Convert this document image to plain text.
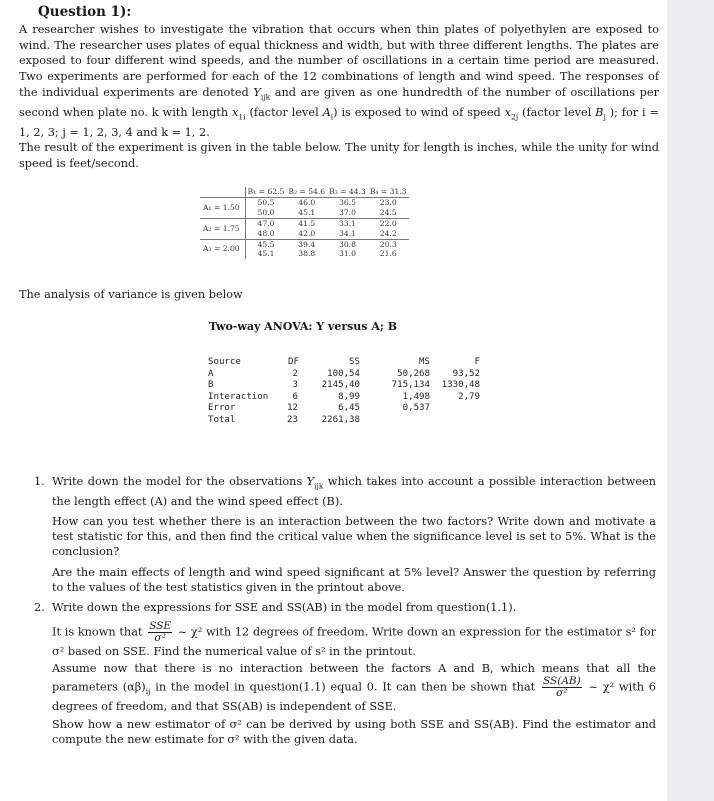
Question 1):

A researcher wishes to investigate the vibration that occurs when thin plates of polyethylen are exposed to wind. The researcher uses plates of equal thickness and width, but with three different lengths. The plates are exposed to four different wind speeds, and the number of oscillations in a certain time period are measured. Two experiments are performed for each of the 12 combinations of length and wind speed. The responses of the individual experiments are denoted $Y_{ijk}$ and are given as one hundredth of the number of oscillations per second when plate no. k with length $x_{1i}$ (factor level $A_i$) is exposed to wind of speed $x_{2j}$ (factor level $B_j$ ); for i = 1, 2, 3; j = 1, 2, 3, 4 and k = 1, 2.

The result of the experiment is given in the table below. The unity for length is inches, while the unity for wind speed is feet/second.

	B₁ = 62.5	B₂ = 54.6	B₃ = 44.3	B₄ = 31.3
A₁ = 1.50	50.5	46.0	36.5	23.0
	50.0	45.1	37.0	24.5
A₂ = 1.75	47.0	41.5	33.1	22.0
	48.0	42.0	34.1	24.2
A₃ = 2.00	45.5	39.4	30.8	20.3
	45.1	38.8	31.0	21.6
The analysis of variance is given below
Two-way ANOVA: Y versus A; B
Source	DF	SS	MS	F
A	2	100,54	50,268	93,52
B	3	2145,40	715,134	1330,48
Interaction	6	8,99	1,498	2,79
Error	12	6,45	0,537
Total	23	2261,38
1. Write down the model for the observations $Y_{ijk}$ which takes into account a possible interaction between the length effect (A) and the wind speed effect (B).

How can you test whether there is an interaction between the two factors? Write down and motivate a test statistic for this, and then find the critical value when the significance level is set to 5%. What is the conclusion?

Are the main effects of length and wind speed significant at 5% level? Answer the question by referring to the values of the test statistics given in the printout above.

2. Write down the expressions for SSE and SS(AB) in the model from question(1.1).

It is known that $\frac{\text{SSE}}{\text{σ²}}$ ~ χ² with 12 degrees of freedom. Write down an expression for the estimator s² for σ² based on SSE. Find the numerical value of s² in the printout.

Assume now that there is no interaction between the factors A and B, which means that all the parameters $(\alpha\beta)_{ij}$ in the model in question(1.1) equal 0. It can then be shown that $\frac{SS(AB)}{\text{σ²}}$ ~ χ² with 6 degrees of freedom, and that SS(AB) is independent of SSE.

Show how a new estimator of σ² can be derived by using both SSE and SS(AB). Find the estimator and compute the new estimate for σ² with the given data.
